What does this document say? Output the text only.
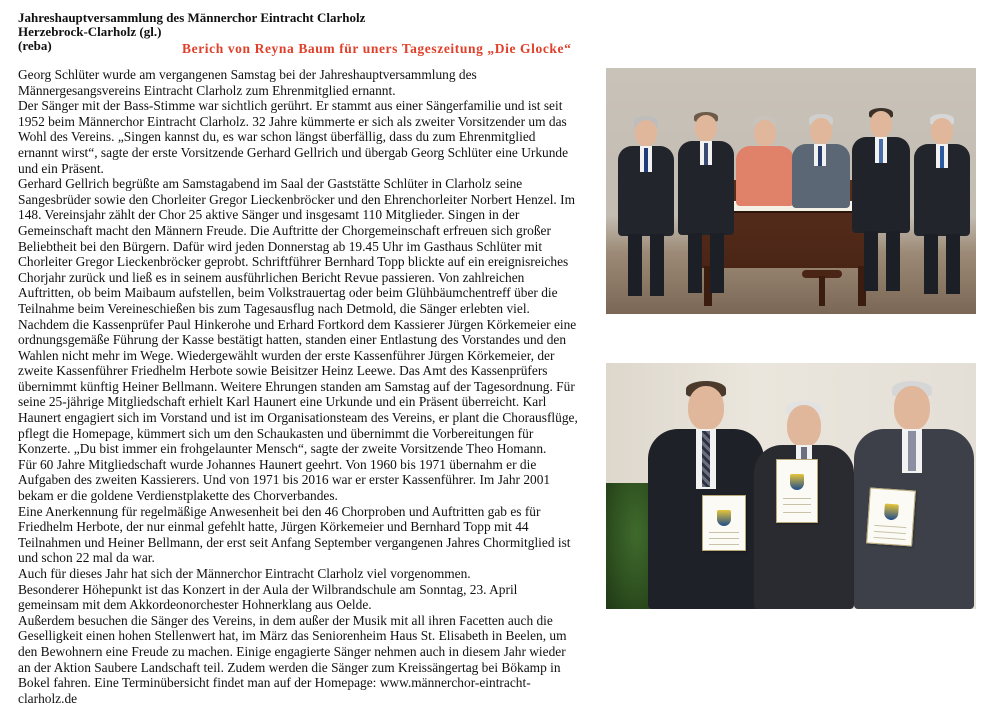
Jahreshauptversammlung des Männerchor Eintracht Clarholz
Herzebrock-Clarholz (gl.)
(reba)	Berich von Reyna Baum für uners Tageszeitung „Die Glocke“

Georg Schlüter wurde am vergangenen Samstag bei der Jahreshauptversammlung des Männergesangsvereins Eintracht Clarholz zum Ehrenmitglied ernannt.

Der Sänger mit der Bass-Stimme war sichtlich gerührt. Er stammt aus einer Sängerfamilie und ist seit 1952 beim Männerchor Eintracht Clarholz. 32 Jahre kümmerte er sich als zweiter Vorsitzender um das Wohl des Vereins. „Singen kannst du, es war schon längst überfällig, dass du zum Ehrenmitglied ernannt wirst“, sagte der erste Vorsitzende Gerhard Gellrich und übergab Georg Schlüter eine Urkunde und ein Präsent.

Gerhard Gellrich begrüßte am Samstagabend im Saal der Gaststätte Schlüter in Clarholz seine Sangesbrüder sowie den Chorleiter Gregor Lieckenbröcker und den Ehrenchorleiter Norbert Henzel. Im 148. Vereinsjahr zählt der Chor 25 aktive Sänger und insgesamt 110 Mitglieder. Singen in der Gemeinschaft macht den Männern Freude. Die Auftritte der Chorgemeinschaft erfreuen sich großer Beliebtheit bei den Bürgern. Dafür wird jeden Donnerstag ab 19.45 Uhr im Gasthaus Schlüter mit Chorleiter Gregor Lieckenbröcker geprobt. Schriftführer Bernhard Topp blickte auf ein ereignisreiches Chorjahr zurück und ließ es in seinem ausführlichen Bericht Revue passieren. Von zahlreichen Auftritten, ob beim Maibaum aufstellen, beim Volkstrauertag oder beim Glühbäumchentreff über die Teilnahme beim Vereineschießen bis zum Tagesausflug nach Detmold, die Sänger erlebten viel.

Nachdem die Kassenprüfer Paul Hinkerohe und Erhard Fortkord dem Kassierer Jürgen Körkemeier eine ordnungsgemäße Führung der Kasse bestätigt hatten, standen einer Entlastung des Vorstandes und den Wahlen nicht mehr im Wege. Wiedergewählt wurden der erste Kassenführer Jürgen Körkemeier, der zweite Kassenführer Friedhelm Herbote sowie Beisitzer Heinz Leewe. Das Amt des Kassenprüfers übernimmt künftig Heiner Bellmann. Weitere Ehrungen standen am Samstag auf der Tagesordnung. Für seine 25-jährige Mitgliedschaft erhielt Karl Haunert eine Urkunde und ein Präsent überreicht. Karl Haunert engagiert sich im Vorstand und ist im Organisationsteam des Vereins, er plant die Chorausflüge, pflegt die Homepage, kümmert sich um den Schaukasten und übernimmt die Vorbereitungen für Konzerte. „Du bist immer ein frohgelaunter Mensch“, sagte der zweite Vorsitzende Theo Homann.

Für 60 Jahre Mitgliedschaft wurde Johannes Haunert geehrt. Von 1960 bis 1971 übernahm er die Aufgaben des zweiten Kassierers. Und von 1971 bis 2016 war er erster Kassenführer. Im Jahr 2001 bekam er die goldene Verdienstplakette des Chorverbandes.

Eine Anerkennung für regelmäßige Anwesenheit bei den 46 Chorproben und Auftritten gab es für Friedhelm Herbote, der nur einmal gefehlt hatte, Jürgen Körkemeier und Bernhard Topp mit 44 Teilnahmen und Heiner Bellmann, der erst seit Anfang September vergangenen Jahres Chormitglied ist und schon 22 mal da war.

Auch für dieses Jahr hat sich der Männerchor Eintracht Clarholz viel vorgenommen.

Besonderer Höhepunkt ist das Konzert in der Aula der Wilbrandschule am Sonntag, 23. April gemeinsam mit dem Akkordeonorchester Hohnerklang aus Oelde.

Außerdem besuchen die Sänger des Vereins, in dem außer der Musik mit all ihren Facetten auch die Geselligkeit einen hohen Stellenwert hat, im März das Seniorenheim Haus St. Elisabeth in Beelen, um den Bewohnern eine Freude zu machen. Einige engagierte Sänger nehmen auch in diesem Jahr wieder an der Aktion Saubere Landschaft teil. Zudem werden die Sänger zum Kreissängertag bei Bökamp in Bokel fahren. Eine Terminübersicht findet man auf der Homepage: www.männerchor-eintracht-clarholz.de
